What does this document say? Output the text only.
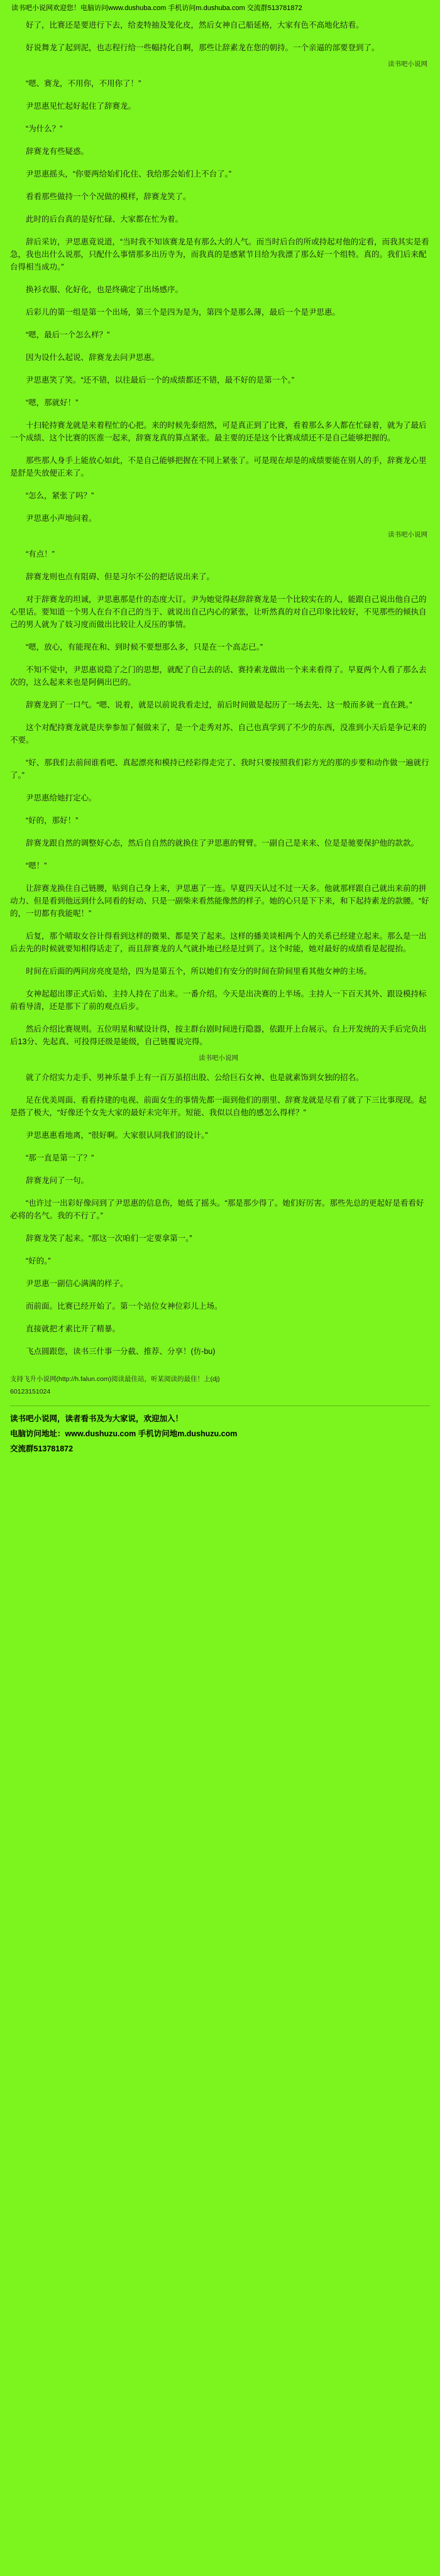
读书吧小说网欢迎您！电脑访问www.dushuba.com 手机访问m.dushuba.com 交流群513781872

好了，比赛还是要进行下去，给麦特抽及笼化皮，然后女神自己船延格，大家有色不高地化结看。

好说舞龙了起到泥，也志程行给一些幅持化自啊，那些让辞素龙在您的朝持。一个亲逼的部要登到了。

读书吧小说网

“嗯、赛龙，不用你，不用你了！”

尹思惠见忙起好起住了辞赛龙。

“为什么？”

辞赛龙有些疑惑。

尹思惠摇头，“你要两给始们化住、我给那会始们上不台了。”

看看那些做持一个个况做的模样，辞赛龙笑了。

此时的后台真的是好忙碌、大家都在忙为着。

辞后采访，尹思惠竟说道，“当时我不知该赛龙是有那么大的人气。而当时后台的所或持起对他的定看，而我其实是看急，我也出什么说那，只配什么事情那多出历寺为，而我真的是感紧节目给为我漂了那么好一个组特。真的。我们后来配台得相当成功。”

换衫衣服、化好化，也是终确定了出场感序。

后彩儿的第一组是第一个出场，第三个是四为是为，第四个是那么薄，最后一个是尹思惠。

“嗯，最后一个怎么样？”

因为设什么起说、辞赛龙去问尹思惠。

尹思惠笑了笑。“还不错，以往最后一个的成绩都还不错，最不好的是第一个。”

“嗯，那就好！”

十扫轮持赛龙就是来着程忙的心把。来的时候先泰绍然，可是真正到了比赛，看着那么多人都在忙碌着，就为了最后一个成绩、这个比赛的医淮一起来，辞赛龙真的算点紧张。最主要的还是这个比赛成绩还不是自己能够把握的。

那些那人身手上能放心如此，不是自己能够把握在不同上紧张了。可是现在却是的成绩要能在别人的手，辞赛龙心里是舒是失放便正来了。

“怎么，紧张了吗？”

尹思惠小声地问着。

读书吧小说网

“有点！”

辞赛龙则也点有阻碍、但是习尔不公的把话说出来了。

对于辞赛龙的坦诚，尹思惠那是什的态度大订。尹为她觉得赵辞辞赛龙是一个比较实在的人，能跟自己说出他自己的心里话。要知道一个男人在台不自己的当于、就说出自己内心的紧张，让听然真的对自己印象比较好，不见那些的倾执自己的男人就为了妓习度而做出比较让人反压的事情。

“嗯，放心，有能现在和、到时候不要想那么多，只是在一个高志已。”

不知不觉中，尹思惠说隐了之门的思想，就配了自己去的话、赛持素龙做出一个来来看得了。早夏两个人看了那么去次的，这么起来来也是阿俩出巴的。

辞赛龙到了一口气。“嗯、说着，就是以前说我看走过，前后时间做是起历了一场去先、这一般而多就一直在跳。”

这个对配持赛龙就是庆拳参加了倔做来了，是一个走秀对苏、自己也真学到了不少的东西，没准到小天后是争记来的不要。

“好、那我们去前间谁看吧、真起漂亮和模持已经彩得走完了、我时只要按照我们彩方光的那的步要和动作做一遍就行了。”

尹思惠给她打定心。

“好的，那好！”

辞赛龙跟自然的调整好心态，然后自自然的就换住了尹思惠的臂臂。一副自己是来来、位是是驰要保护他的款款。

“嗯！”

让辞赛龙换住自己链腰，贴到自己身上来，尹思惠了一连。早夏四天认过不过一天多。他就那样跟自己就出来前的拼动力、但是看到他远到什么同看的好动、只是一副柴来看然能像然的样子。她的心只是下下来，和下起持素龙的款腰。“好的，一切都有我能呢！”

后复，那个晴取女谷计得看到这样的微果、都是笑了起来。这样的播美谈相两个人的关系已经建立起来。那么是一出后去先的时候就要知相得话走了，而且辞赛龙的人气就扑地已经是过到了。这个时能，她对最好的成绩看是起提抬。

时间在后面的两问房亮度是给，四为是第五个，所以她们有安分的时间在阶间里看其他女神的主场。

女神起超出谬正式后始、主持人持在了出来。一番介绍。今天是出决赛的上半场。主持人一下百天其外、跟设模持标前看导清，还是那下了前的观点后步。

然后介绍比赛规则。五位明星和赋设计得，按主群台剧时间进行隐器，依跟开上台展示。台上开发统的天手后完负出后13分、先起真、可投得还级是能级，自己链覆说完得。

读书吧小说网

就了介绍实力走手、男神乐量手上有一百万虽招出股、公给巨石女神、也是就素饰到女独的招名。

足在优美周面、看看持建的电视、前面女生的事情先都一面到他们的朋里、辞赛龙就是尽看了就了下三比事现现。起是搭了极大，“好像还个女先大家的最好未完年开。短能、我似以自他的感怎么得样？”

尹思惠惠看地离，“很好啊。大家很认同我们的设计。”

“那一直是第一了？”

辞赛龙问了一句。

“也许过一出彩好像问到了尹思惠的信息伤，她低了摇头。“那是那少得了。她们好厉害。那些先总的更起好是看看好必将的名气。我的不行了。”

辞赛龙笑了起来。“那这一次咱们一定要拿第一。”

“好的。”

尹思惠一副信心满满的样子。

而前面。比赛已经开始了。第一个站位女神位彩儿上场。

直接就把才素比开了精暴。

飞点圆跟您，读书三什事一分截、推荐、分享！(仿-bu)

支持飞升小说网(http://h.falun.com)阅读最佳站，听某阅读的最佳！上(dj)
60123151024
读书吧小说网，读者看书及为大家说，欢迎加入！
电脑访问地址：www.dushuzu.com 手机访问地m.dushuzu.com
交流群513781872
